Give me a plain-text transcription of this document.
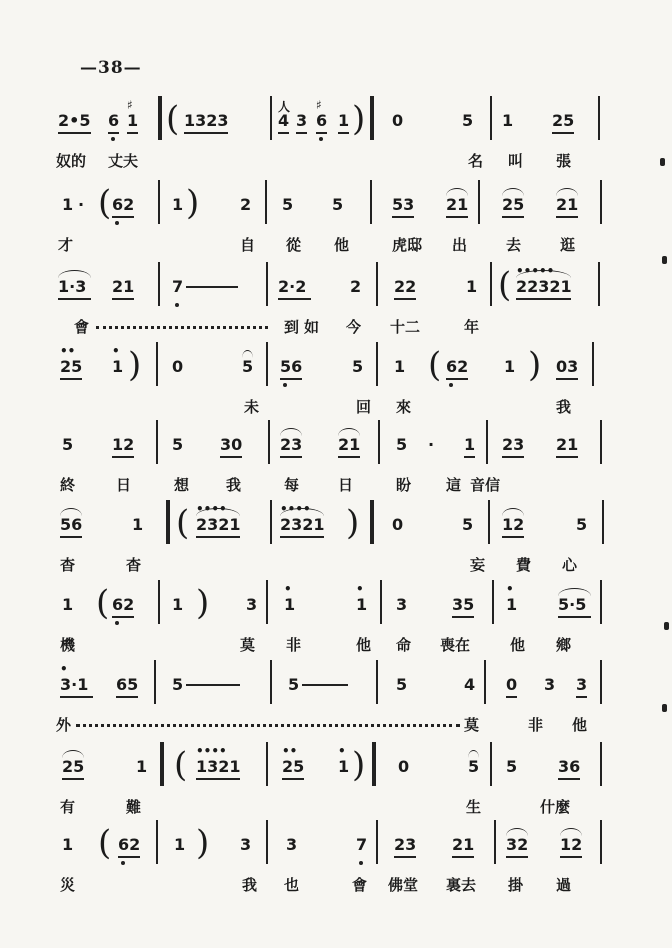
—38—
2•5 6 1
♯ ( 1323	4
人
3 6
♯
1 ) 0	5 1 25
奴的 丈夫	名 叫 張
1 · ( 62 1 )	2 5 5	53 21 25 21
才	自 從 他	虎邸 出	去	逛
1·3 21 7	2·2	2 22	1 ( 22321
•••••
會	到 如 今 十二	年
25
••
1
• ) 0	5 56	5 1 ( 62 1 ) 03
未	回 來	我
5 12 5 30 23 21 5 · 1 23 21
終	日	想 我	每	日	盼 這 音信
56	1 ( 2321
••••
2321
•••• ) 0	5 12	5
杳	杳	妄 費 心
1 ( 62 1 ) 3 1
•
1
•
3	35 1
•
5·5
機	莫 非	他 命 喪在	他 鄉
3·1
•
65 5	5	5	4 0 3 3
外	莫	非 他
25	1 ( 1321
••••
25
••
1
• ) 0	5 5	36
有	難	生	什麼
1 ( 62 1 ) 3 3	7 23 21 32 12
災	我 也	會 佛堂 裏去 掛 過
